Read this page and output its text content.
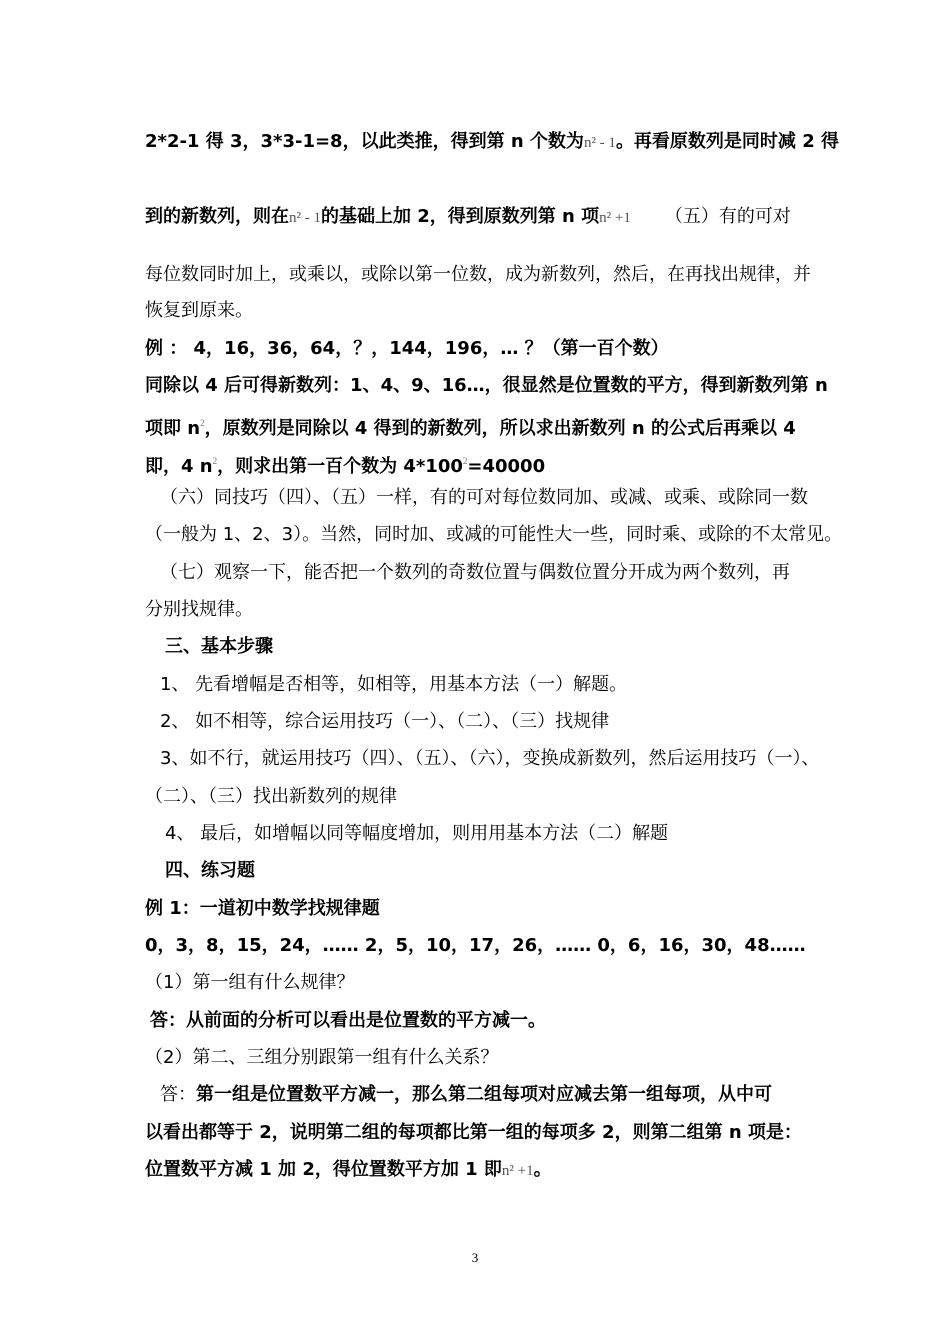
2*2-1 得 3，3*3-1=8，以此类推，得到第 n 个数为n² - 1。再看原数列是同时减 2 得
到的新数列，则在n² - 1的基础上加 2，得到原数列第 n 项n² +1 （五）有的可对
每位数同时加上，或乘以，或除以第一位数，成为新数列，然后，在再找出规律，并
恢复到原来。
例 ： 4，16，36，64，？，144，196，… ？（第一百个数）
同除以 4 后可得新数列：1、4、9、16…，很显然是位置数的平方，得到新数列第 n
项即 $n^2$，原数列是同除以 4 得到的新数列，所以求出新数列 n 的公式后再乘以 4
即，4 $n^2$，则求出第一百个数为 $4*100^2=40000$
（六）同技巧（四）、（五）一样，有的可对每位数同加、或减、或乘、或除同一数
（一般为 1、2、3）。当然，同时加、或减的可能性大一些，同时乘、或除的不太常见。
（七）观察一下，能否把一个数列的奇数位置与偶数位置分开成为两个数列，再
分别找规律。
三、基本步骤
1、 先看增幅是否相等，如相等，用基本方法（一）解题。
2、 如不相等，综合运用技巧（一）、（二）、（三）找规律
3、如不行，就运用技巧（四）、（五）、（六），变换成新数列，然后运用技巧（一）、
（二）、（三）找出新数列的规律
4、 最后，如增幅以同等幅度增加，则用用基本方法（二）解题
四、练习题
例 1：一道初中数学找规律题
0，3，8，15，24，…… 2，5，10，17，26，…… 0，6，16，30，48……
（1）第一组有什么规律？
答：从前面的分析可以看出是位置数的平方减一。
（2）第二、三组分别跟第一组有什么关系？
答：第一组是位置数平方减一，那么第二组每项对应减去第一组每项，从中可
以看出都等于 2，说明第二组的每项都比第一组的每项多 2，则第二组第 n 项是：
位置数平方减 1 加 2，得位置数平方加 1 即n² +1。
3
